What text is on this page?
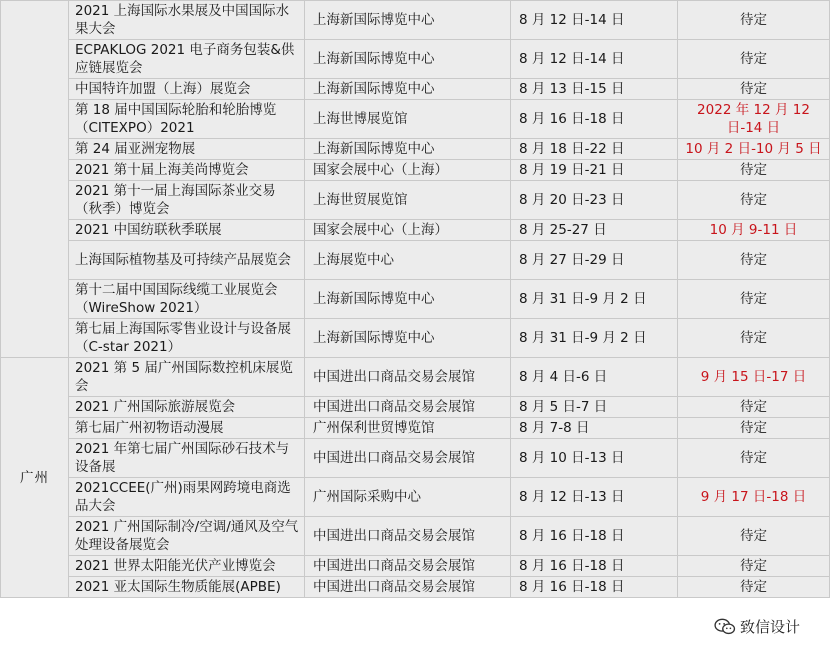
	2021 上海国际水果展及中国国际水果大会	上海新国际博览中心	8 月 12 日-14 日	待定
	ECPAKLOG 2021 电子商务包装&供应链展览会	上海新国际博览中心	8 月 12 日-14 日	待定
	中国特许加盟（上海）展览会	上海新国际博览中心	8 月 13 日-15 日	待定
	第 18 届中国国际轮胎和轮胎博览（CITEXPO）2021	上海世博展览馆	8 月 16 日-18 日	2022 年 12 月 12 日-14 日
	第 24 届亚洲宠物展	上海新国际博览中心	8 月 18 日-22 日	10 月 2 日-10 月 5 日
	2021 第十届上海美尚博览会	国家会展中心（上海）	8 月 19 日-21 日	待定
	2021 第十一届上海国际茶业交易（秋季）博览会	上海世贸展览馆	8 月 20 日-23 日	待定
	2021 中国纺联秋季联展	国家会展中心（上海）	8 月 25-27 日	10 月 9-11 日
	上海国际植物基及可持续产品展览会	上海展览中心	8 月 27 日-29 日	待定
	第十二届中国国际线缆工业展览会（WireShow 2021）	上海新国际博览中心	8 月 31 日-9 月 2 日	待定
	第七届上海国际零售业设计与设备展（C-star 2021）	上海新国际博览中心	8 月 31 日-9 月 2 日	待定
广州	2021 第 5 届广州国际数控机床展览会	中国进出口商品交易会展馆	8 月 4 日-6 日	9 月 15 日-17 日
	2021 广州国际旅游展览会	中国进出口商品交易会展馆	8 月 5 日-7 日	待定
	第七届广州初物语动漫展	广州保利世贸博览馆	8 月 7-8 日	待定
	2021 年第七届广州国际砂石技术与设备展	中国进出口商品交易会展馆	8 月 10 日-13 日	待定
	2021CCEE(广州)雨果网跨境电商选品大会	广州国际采购中心	8 月 12 日-13 日	9 月 17 日-18 日
	2021 广州国际制冷/空调/通风及空气处理设备展览会	中国进出口商品交易会展馆	8 月 16 日-18 日	待定
	2021 世界太阳能光伏产业博览会	中国进出口商品交易会展馆	8 月 16 日-18 日	待定
	2021 亚太国际生物质能展(APBE)	中国进出口商品交易会展馆	8 月 16 日-18 日	待定
致信设计
